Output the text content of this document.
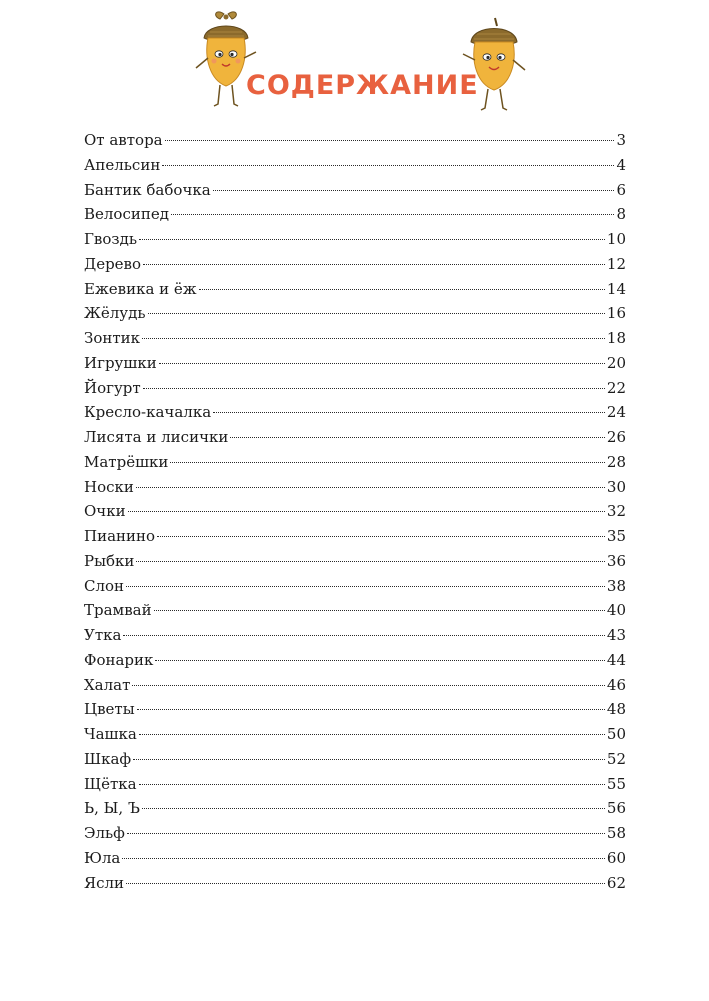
СОДЕРЖАНИЕ
От автора	3
Апельсин	4
Бантик бабочка	6
Велосипед	8
Гвоздь	10
Дерево	12
Ежевика и ёж	14
Жёлудь	16
Зонтик	18
Игрушки	20
Йогурт	22
Кресло-качалка	24
Лисята и лисички	26
Матрёшки	28
Носки	30
Очки	32
Пианино	35
Рыбки	36
Слон	38
Трамвай	40
Утка	43
Фонарик	44
Халат	46
Цветы	48
Чашка	50
Шкаф	52
Щётка	55
Ь, Ы, Ъ	56
Эльф	58
Юла	60
Ясли	62
